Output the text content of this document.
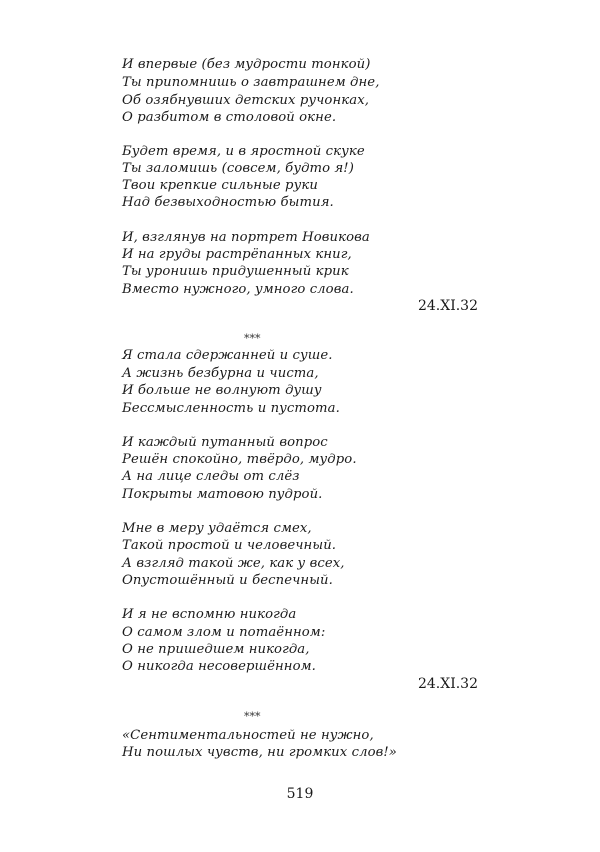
И впервые (без мудрости тонкой)
Ты припомнишь о завтрашнем дне,
Об озябнувших детских ручонках,
О разбитом в столовой окне.
Будет время, и в яростной скуке
Ты заломишь (совсем, будто я!)
Твои крепкие сильные руки
Над безвыходностью бытия.
И, взглянув на портрет Новикова
И на груды растрёпанных книг,
Ты уронишь придушенный крик
Вместо нужного, умного слова.
24.XI.32
***
Я стала сдержанней и суше.
А жизнь безбурна и чиста,
И больше не волнуют душу
Бессмысленность и пустота.
И каждый путанный вопрос
Решён спокойно, твёрдо, мудро.
А на лице следы от слёз
Покрыты матовою пудрой.
Мне в меру удаётся смех,
Такой простой и человечный.
А взгляд такой же, как у всех,
Опустошённый и беспечный.
И я не вспомню никогда
О самом злом и потаённом:
О не пришедшем никогда,
О никогда несовершённом.
24.XI.32
***
«Сентиментальностей не нужно,
Ни пошлых чувств, ни громких слов!»
519
